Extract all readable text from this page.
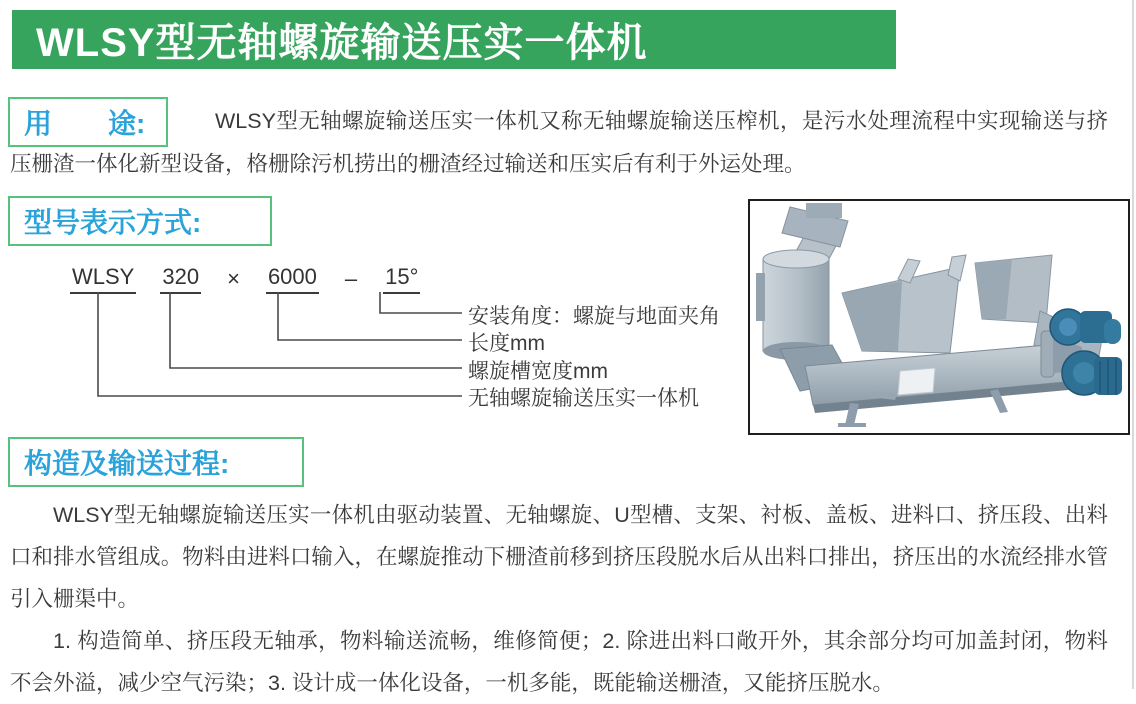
WLSY型无轴螺旋输送压实一体机
用　　途:	WLSY型无轴螺旋输送压实一体机又称无轴螺旋输送压榨机，是污水处理流程中实现输送与挤压栅渣一体化新型设备，格栅除污机捞出的栅渣经过输送和压实后有利于外运处理。

型号表示方式:
WLSY 320 × 6000 – 15°
安装角度：螺旋与地面夹角
长度mm
螺旋槽宽度mm
无轴螺旋输送压实一体机
构造及输送过程:

WLSY型无轴螺旋输送压实一体机由驱动装置、无轴螺旋、U型槽、支架、衬板、盖板、进料口、挤压段、出料口和排水管组成。物料由进料口输入，在螺旋推动下栅渣前移到挤压段脱水后从出料口排出，挤压出的水流经排水管引入栅渠中。

1. 构造简单、挤压段无轴承，物料输送流畅，维修简便；2. 除进出料口敞开外，其余部分均可加盖封闭，物料不会外溢，减少空气污染；3. 设计成一体化设备，一机多能，既能输送栅渣，又能挤压脱水。
